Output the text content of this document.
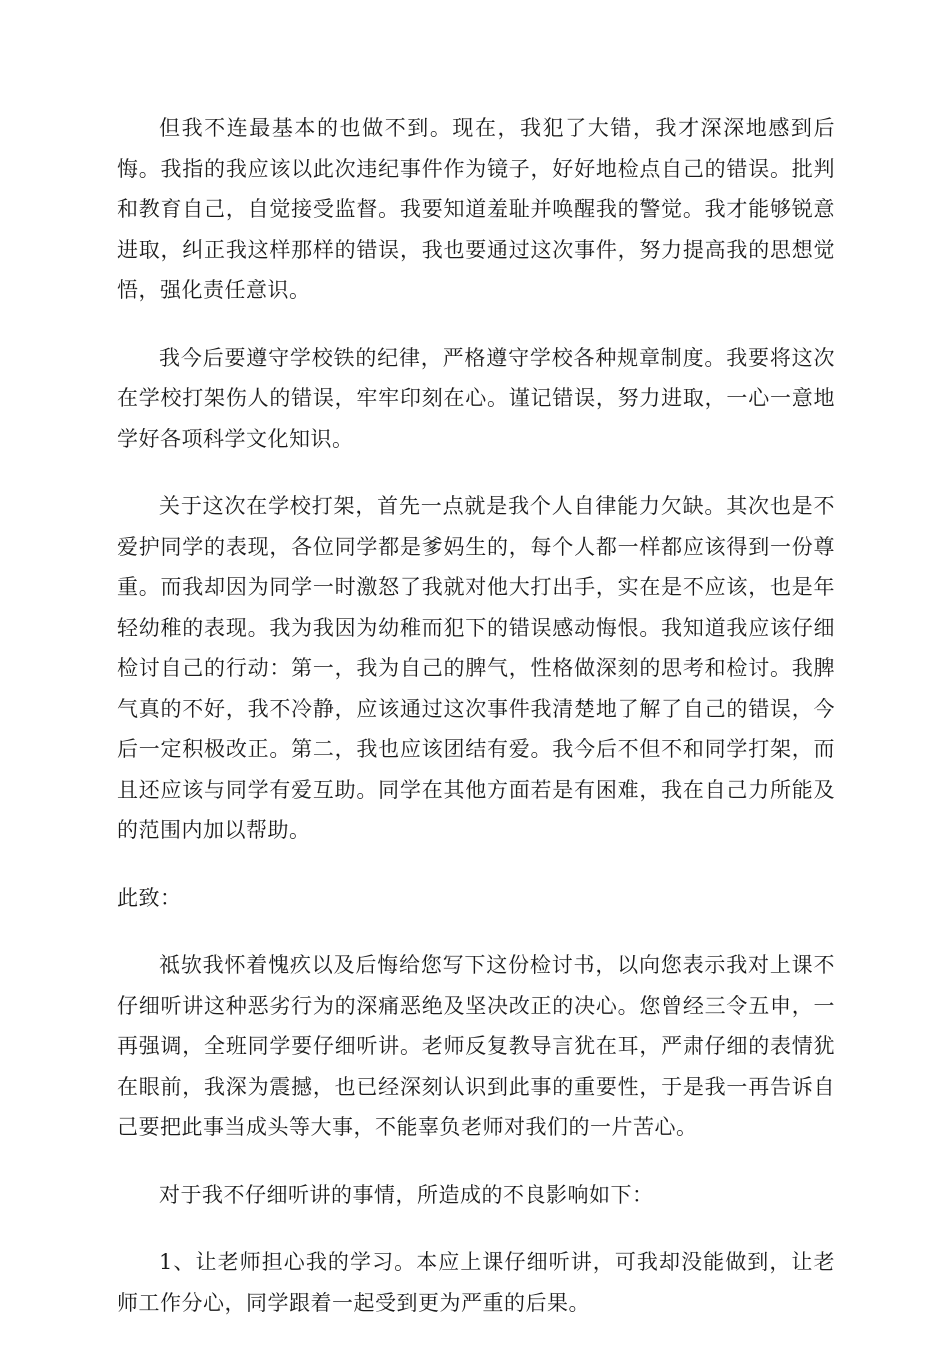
但我不连最基本的也做不到。现在，我犯了大错，我才深深地感到后悔。我指的我应该以此次违纪事件作为镜子，好好地检点自己的错误。批判和教育自己，自觉接受监督。我要知道羞耻并唤醒我的警觉。我才能够锐意进取，纠正我这样那样的错误，我也要通过这次事件，努力提高我的思想觉悟，强化责任意识。

我今后要遵守学校铁的纪律，严格遵守学校各种规章制度。我要将这次在学校打架伤人的错误，牢牢印刻在心。谨记错误，努力进取，一心一意地学好各项科学文化知识。

关于这次在学校打架，首先一点就是我个人自律能力欠缺。其次也是不爱护同学的表现，各位同学都是爹妈生的，每个人都一样都应该得到一份尊重。而我却因为同学一时激怒了我就对他大打出手，实在是不应该，也是年轻幼稚的表现。我为我因为幼稚而犯下的错误感动悔恨。我知道我应该仔细检讨自己的行动：第一，我为自己的脾气，性格做深刻的思考和检讨。我脾气真的不好，我不冷静，应该通过这次事件我清楚地了解了自己的错误，今后一定积极改正。第二，我也应该团结有爱。我今后不但不和同学打架，而且还应该与同学有爱互助。同学在其他方面若是有困难，我在自己力所能及的范围内加以帮助。

此致：

祗欤我怀着愧疚以及后悔给您写下这份检讨书，以向您表示我对上课不仔细听讲这种恶劣行为的深痛恶绝及坚决改正的决心。您曾经三令五申，一再强调，全班同学要仔细听讲。老师反复教导言犹在耳，严肃仔细的表情犹在眼前，我深为震撼，也已经深刻认识到此事的重要性，于是我一再告诉自己要把此事当成头等大事，不能辜负老师对我们的一片苦心。

对于我不仔细听讲的事情，所造成的不良影响如下：

1、让老师担心我的学习。本应上课仔细听讲，可我却没能做到，让老师工作分心，同学跟着一起受到更为严重的后果。
